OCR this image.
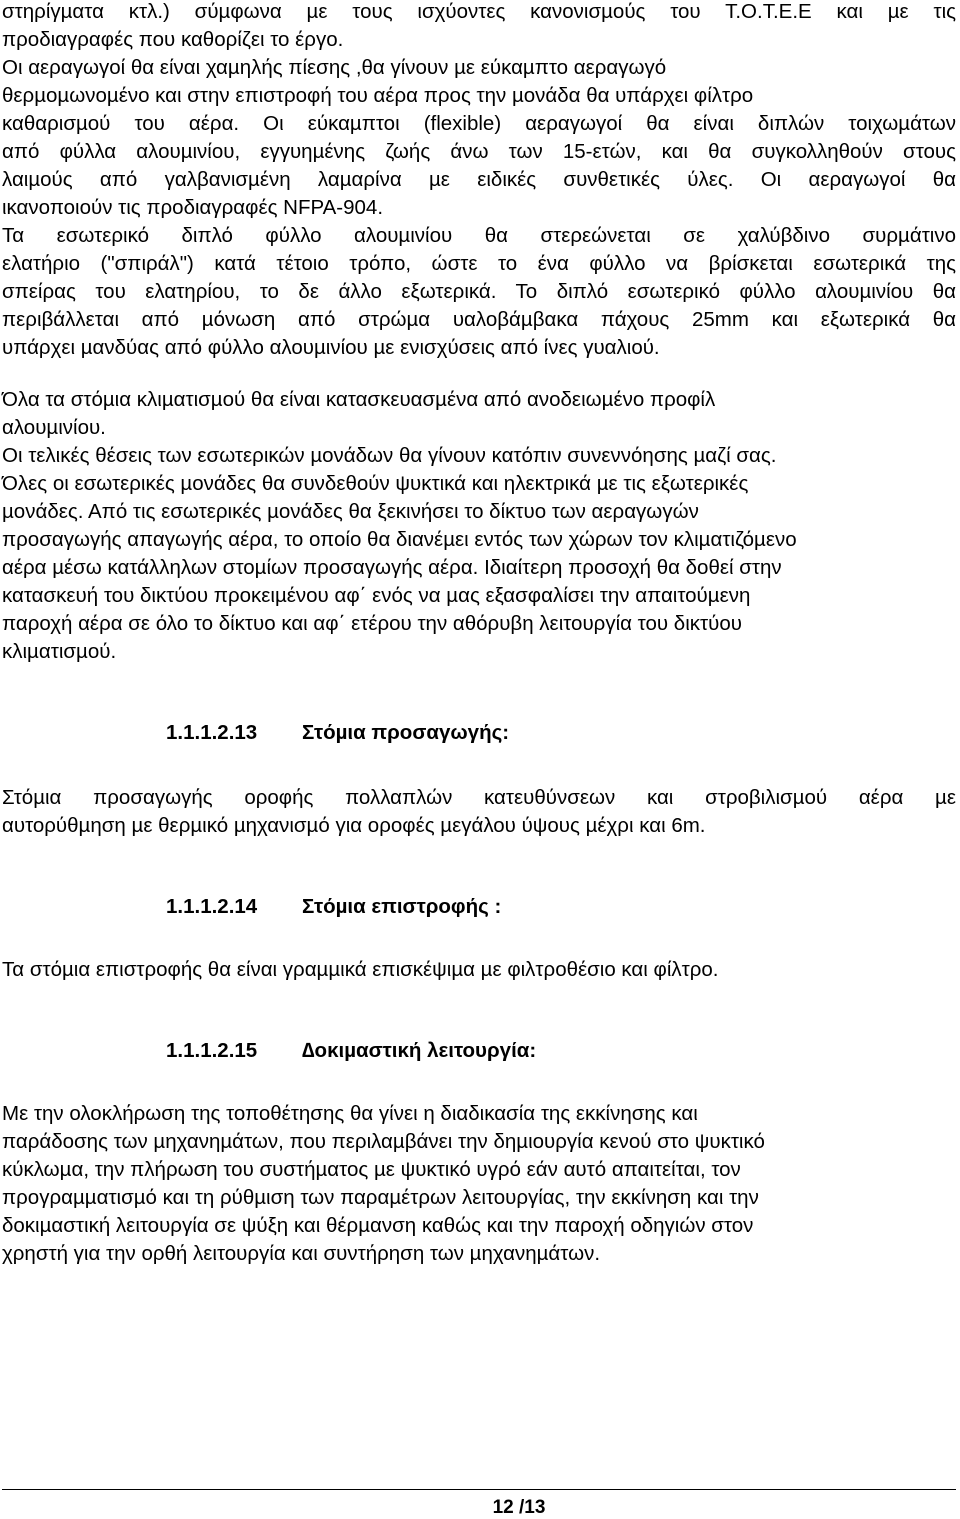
στηρίγµατα κτλ.) σύµφωνα µε τους ισχύοντες κανονισµούς του Τ.Ο.Τ.Ε.Ε και µε τις
προδιαγραφές που καθορίζει το έργο.
Οι αεραγωγοί θα είναι χαµηλής πίεσης ,θα γίνουν µε εύκαµπτο αεραγωγό
θερµοµωνοµένο και στην επιστροφή του αέρα προς την µονάδα θα υπάρχει φίλτρο
καθαρισµού του αέρα. Οι εύκαµπτοι (flexible) αεραγωγοί θα είναι διπλών τοιχωµάτων
από φύλλα αλουµινίου, εγγυηµένης ζωής άνω των 15-ετών, και θα συγκολληθούν στους
λαιµούς από γαλβανισµένη λαµαρίνα µε ειδικές συνθετικές ύλες. Οι αεραγωγοί θα
ικανοποιούν τις προδιαγραφές NFPA-904.
Τα εσωτερικό διπλό φύλλο αλουµινίου θα στερεώνεται σε χαλύβδινο συρµάτινο
ελατήριο ("σπιράλ") κατά τέτοιο τρόπο, ώστε το ένα φύλλο να βρίσκεται εσωτερικά της
σπείρας του ελατηρίου, το δε άλλο εξωτερικά. Το διπλό εσωτερικό φύλλο αλουµινίου θα
περιβάλλεται από µόνωση από στρώµα υαλοβάµβακα πάχους 25mm και εξωτερικά θα
υπάρχει µανδύας από φύλλο αλουµινίου µε ενισχύσεις από ίνες γυαλιού.
Όλα τα στόµια κλιµατισµού θα είναι κατασκευασµένα από ανοδειωµένο προφίλ
αλουµινίου.
Οι τελικές θέσεις των εσωτερικών µονάδων θα γίνουν κατόπιν συνεννόησης µαζί σας.
Όλες οι εσωτερικές µονάδες θα συνδεθούν ψυκτικά και ηλεκτρικά µε τις εξωτερικές
µονάδες. Από τις εσωτερικές µονάδες θα ξεκινήσει το δίκτυο των αεραγωγών
προσαγωγής απαγωγής αέρα, το οποίο θα διανέµει εντός των χώρων τον κλιµατιζόµενο
αέρα µέσω κατάλληλων στοµίων προσαγωγής αέρα. Ιδιαίτερη προσοχή θα δοθεί στην
κατασκευή του δικτύου προκειµένου αφ΄ ενός να µας εξασφαλίσει την απαιτούµενη
παροχή αέρα σε όλο το δίκτυο και αφ΄ ετέρου την αθόρυβη λειτουργία του δικτύου
κλιµατισµού.
1.1.1.2.13 Στόµια προσαγωγής:
Στόµια προσαγωγής οροφής πολλαπλών κατευθύνσεων και στροβιλισµού αέρα µε
αυτορύθµηση µε θερµικό µηχανισµό για οροφές µεγάλου ύψους µέχρι και 6m.
1.1.1.2.14 Στόµια επιστροφής :
Τα στόµια επιστροφής θα είναι γραµµικά επισκέψιµα µε φιλτροθέσιο και φίλτρο.
1.1.1.2.15 ∆οκιµαστική λειτουργία:
Με την ολοκλήρωση της τοποθέτησης θα γίνει η διαδικασία της εκκίνησης και
παράδοσης των µηχανηµάτων, που περιλαµβάνει την δηµιουργία κενού στο ψυκτικό
κύκλωµα, την πλήρωση του συστήµατος µε ψυκτικό υγρό εάν αυτό απαιτείται, τον
προγραµµατισµό και τη ρύθµιση των παραµέτρων λειτουργίας, την εκκίνηση και την
δοκιµαστική λειτουργία σε ψύξη και θέρµανση καθώς και την παροχή οδηγιών στον
χρηστή για την ορθή λειτουργία και συντήρηση των µηχανηµάτων.
12 /13
